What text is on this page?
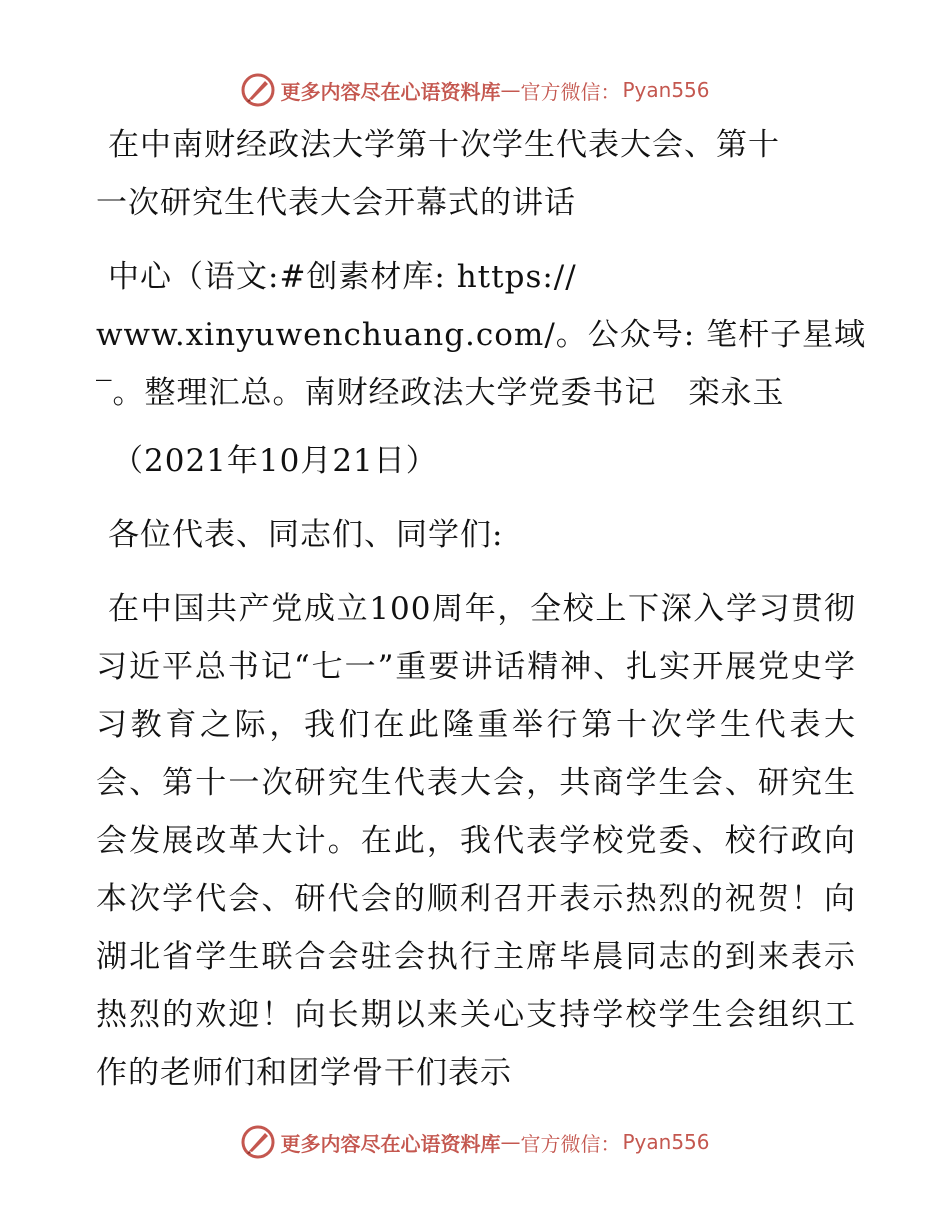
更多内容尽在心语资料库 — 官方微信： Pyan556
在中南财经政法大学第十次学生代表大会、第十
一次研究生代表大会开幕式的讲话
中心（语文:#创素材库: https://
www.xinyuwenchuang.com/。公众号: 笔杆子星域
‾。整理汇总。南财经政法大学党委书记　栾永玉
（2021年10月21日）
各位代表、同志们、同学们:
在中国共产党成立100周年，全校上下深入学习贯彻习近平总书记“七一”重要讲话精神、扎实开展党史学习教育之际，我们在此隆重举行第十次学生代表大会、第十一次研究生代表大会，共商学生会、研究生会发展改革大计。在此，我代表学校党委、校行政向本次学代会、研代会的顺利召开表示热烈的祝贺！向湖北省学生联合会驻会执行主席毕晨同志的到来表示热烈的欢迎！向长期以来关心支持学校学生会组织工作的老师们和团学骨干们表示
更多内容尽在心语资料库 — 官方微信： Pyan556
